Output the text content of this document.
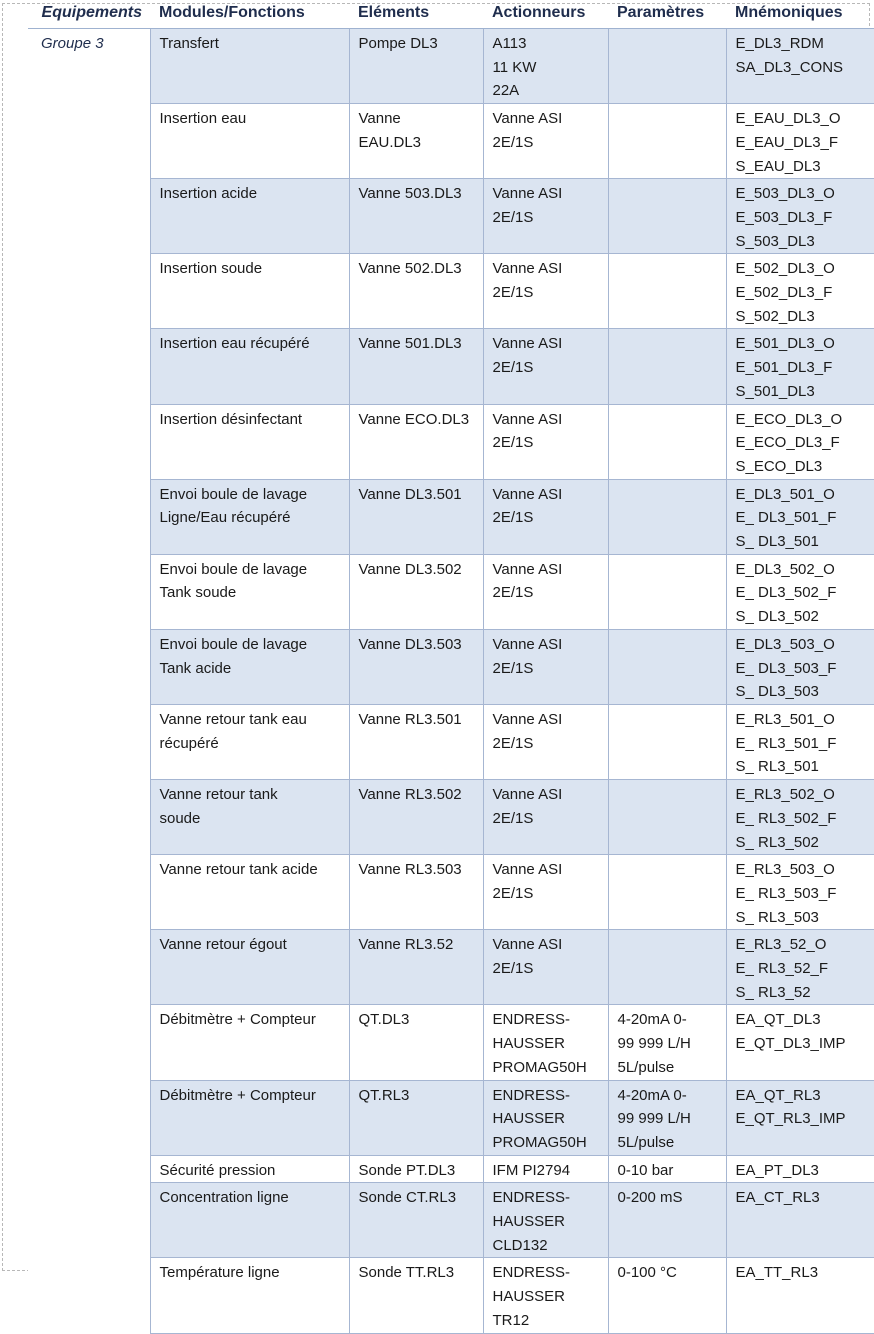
Equipements	Modules/Fonctions	Eléments	Actionneurs	Paramètres	Mnémoniques
Groupe 3	Transfert	Pompe DL3	A113
11 KW
22A		E_DL3_RDM
SA_DL3_CONS

	Insertion eau	Vanne
EAU.DL3	Vanne ASI
2E/1S		E_EAU_DL3_O
E_EAU_DL3_F
S_EAU_DL3

	Insertion acide	Vanne 503.DL3	Vanne ASI
2E/1S		E_503_DL3_O
E_503_DL3_F
S_503_DL3

	Insertion soude	Vanne 502.DL3	Vanne ASI
2E/1S		E_502_DL3_O
E_502_DL3_F
S_502_DL3

	Insertion eau récupéré	Vanne 501.DL3	Vanne ASI
2E/1S		E_501_DL3_O
E_501_DL3_F
S_501_DL3

	Insertion désinfectant	Vanne ECO.DL3	Vanne ASI
2E/1S		E_ECO_DL3_O
E_ECO_DL3_F
S_ECO_DL3

	Envoi boule de lavage
Ligne/Eau récupéré	Vanne DL3.501	Vanne ASI
2E/1S		E_DL3_501_O
E_ DL3_501_F
S_ DL3_501

	Envoi boule de lavage
Tank soude	Vanne DL3.502	Vanne ASI
2E/1S		E_DL3_502_O
E_ DL3_502_F
S_ DL3_502

	Envoi boule de lavage
Tank acide	Vanne DL3.503	Vanne ASI
2E/1S		E_DL3_503_O
E_ DL3_503_F
S_ DL3_503

	Vanne retour tank eau
récupéré	Vanne RL3.501	Vanne ASI
2E/1S		E_RL3_501_O
E_ RL3_501_F
S_ RL3_501

	Vanne retour tank
soude	Vanne RL3.502	Vanne ASI
2E/1S		E_RL3_502_O
E_ RL3_502_F
S_ RL3_502

	Vanne retour tank acide	Vanne RL3.503	Vanne ASI
2E/1S		E_RL3_503_O
E_ RL3_503_F
S_ RL3_503

	Vanne retour égout	Vanne RL3.52	Vanne ASI
2E/1S		E_RL3_52_O
E_ RL3_52_F
S_ RL3_52

	Débitmètre + Compteur	QT.DL3	ENDRESS-
HAUSSER
PROMAG50H	4-20mA 0-
99 999 L/H
5L/pulse	EA_QT_DL3
E_QT_DL3_IMP

	Débitmètre + Compteur	QT.RL3	ENDRESS-
HAUSSER
PROMAG50H	4-20mA 0-
99 999 L/H
5L/pulse	EA_QT_RL3
E_QT_RL3_IMP

	Sécurité pression	Sonde PT.DL3	IFM PI2794	0-10 bar	EA_PT_DL3

	Concentration ligne	Sonde CT.RL3	ENDRESS-
HAUSSER
CLD132	0-200 mS	EA_CT_RL3

	Température ligne	Sonde TT.RL3	ENDRESS-
HAUSSER
TR12	0-100 °C	EA_TT_RL3
